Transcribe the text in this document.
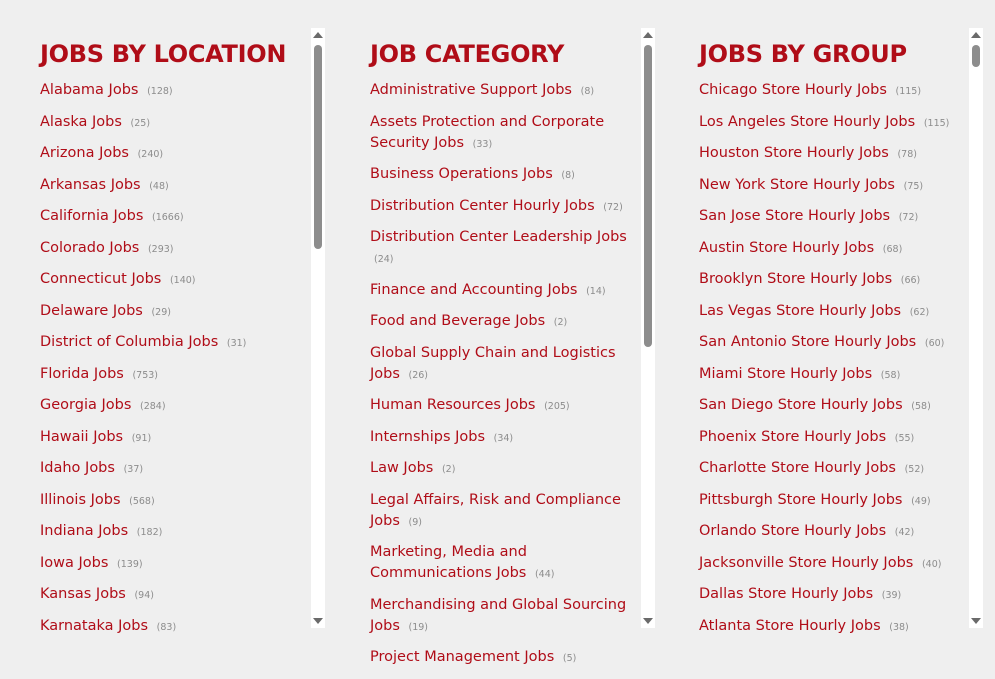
JOBS BY LOCATION
Alabama Jobs (128)
Alaska Jobs (25)
Arizona Jobs (240)
Arkansas Jobs (48)
California Jobs (1666)
Colorado Jobs (293)
Connecticut Jobs (140)
Delaware Jobs (29)
District of Columbia Jobs (31)
Florida Jobs (753)
Georgia Jobs (284)
Hawaii Jobs (91)
Idaho Jobs (37)
Illinois Jobs (568)
Indiana Jobs (182)
Iowa Jobs (139)
Kansas Jobs (94)
Karnataka Jobs (83)
JOB CATEGORY
Administrative Support Jobs (8)
Assets Protection and Corporate Security Jobs (33)
Business Operations Jobs (8)
Distribution Center Hourly Jobs (72)
Distribution Center Leadership Jobs (24)
Finance and Accounting Jobs (14)
Food and Beverage Jobs (2)
Global Supply Chain and Logistics Jobs (26)
Human Resources Jobs (205)
Internships Jobs (34)
Law Jobs (2)
Legal Affairs, Risk and Compliance Jobs (9)
Marketing, Media and Communications Jobs (44)
Merchandising and Global Sourcing Jobs (19)
Project Management Jobs (5)
JOBS BY GROUP
Chicago Store Hourly Jobs (115)
Los Angeles Store Hourly Jobs (115)
Houston Store Hourly Jobs (78)
New York Store Hourly Jobs (75)
San Jose Store Hourly Jobs (72)
Austin Store Hourly Jobs (68)
Brooklyn Store Hourly Jobs (66)
Las Vegas Store Hourly Jobs (62)
San Antonio Store Hourly Jobs (60)
Miami Store Hourly Jobs (58)
San Diego Store Hourly Jobs (58)
Phoenix Store Hourly Jobs (55)
Charlotte Store Hourly Jobs (52)
Pittsburgh Store Hourly Jobs (49)
Orlando Store Hourly Jobs (42)
Jacksonville Store Hourly Jobs (40)
Dallas Store Hourly Jobs (39)
Atlanta Store Hourly Jobs (38)
